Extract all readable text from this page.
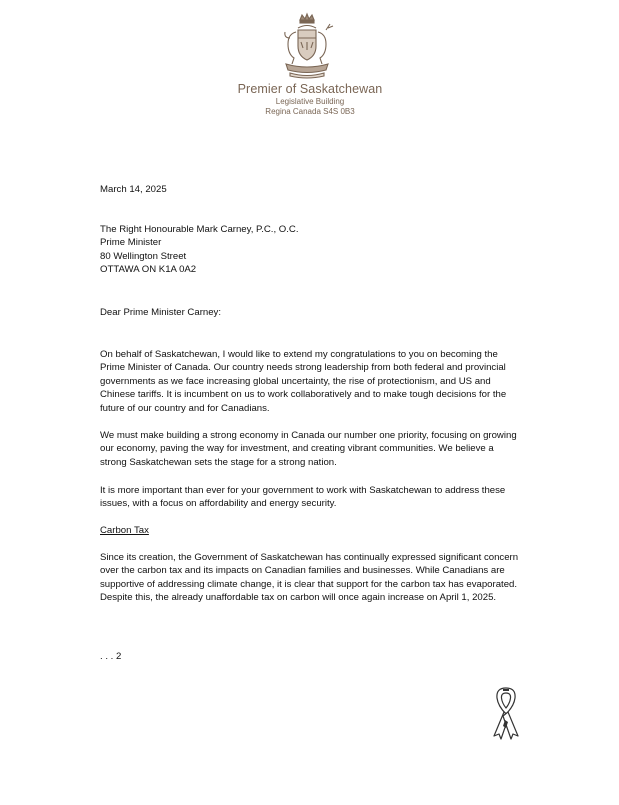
Premier of Saskatchewan
Legislative Building
Regina Canada S4S 0B3

March 14, 2025

The Right Honourable Mark Carney, P.C., O.C.
Prime Minister
80 Wellington Street
OTTAWA ON K1A 0A2

Dear Prime Minister Carney:

On behalf of Saskatchewan, I would like to extend my congratulations to you on becoming the Prime Minister of Canada. Our country needs strong leadership from both federal and provincial governments as we face increasing global uncertainty, the rise of protectionism, and US and Chinese tariffs. It is incumbent on us to work collaboratively and to make tough decisions for the future of our country and for Canadians.

We must make building a strong economy in Canada our number one priority, focusing on growing our economy, paving the way for investment, and creating vibrant communities. We believe a strong Saskatchewan sets the stage for a strong nation.

It is more important than ever for your government to work with Saskatchewan to address these issues, with a focus on affordability and energy security.

Carbon Tax

Since its creation, the Government of Saskatchewan has continually expressed significant concern over the carbon tax and its impacts on Canadian families and businesses. While Canadians are supportive of addressing climate change, it is clear that support for the carbon tax has evaporated. Despite this, the already unaffordable tax on carbon will once again increase on April 1, 2025.

. . . 2
